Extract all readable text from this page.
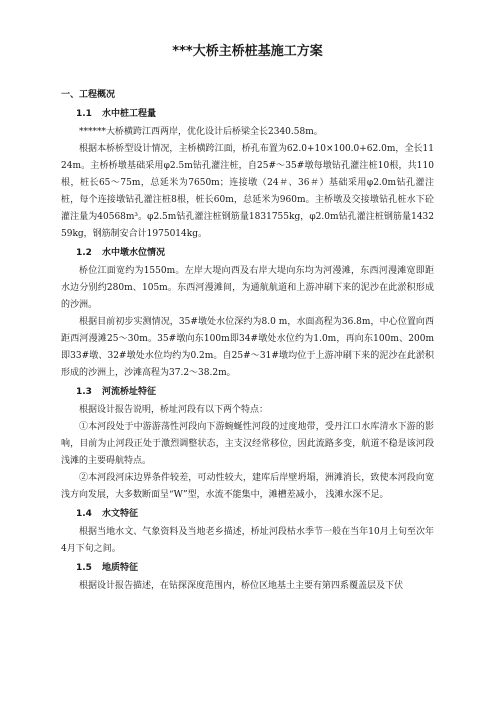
***大桥主桥桩基施工方案
一、工程概况
1.1 水中桩工程量

******大桥横跨江西两岸，优化设计后桥梁全长2340.58m。

根据本桥桥型设计情况，主桥横跨江面，桥孔布置为62.0+10×100.0+62.0m，全长1124m。主桥桥墩基础采用φ2.5m钻孔灌注桩，自25#～35#墩每墩钻孔灌注桩10根，共110根，桩长65～75m，总延米为7650m；连接墩（24＃、36＃）基础采用φ2.0m钻孔灌注桩，每个连接墩钻孔灌注桩8根，桩长60m，总延米为960m。主桥墩及交接墩钻孔桩水下砼灌注量为40568m³。φ2.5m钻孔灌注桩钢筋量1831755kg，φ2.0m钻孔灌注桩钢筋量143259kg，钢筋制安合计1975014kg。

1.2 水中墩水位情况

桥位江面宽约为1550m。左岸大堤向西及右岸大堤向东均为河漫滩，东西河漫滩宽即距水边分别约280m、105m。东西河漫滩间，为通航航道和上游冲刷下来的泥沙在此淤积形成的沙洲。

根据目前初步实测情况，35#墩处水位深约为8.0 m，水面高程为36.8m，中心位置向西距西河漫滩25～30m。35#墩向东100m即34#墩处水位约为1.0m，再向东100m、200m即33#墩、32#墩处水位均约为0.2m。自25#～31#墩均位于上游冲刷下来的泥沙在此淤积形成的沙洲上，沙滩高程为37.2～38.2m。

1.3 河流桥址特征

根据设计报告说明，桥址河段有以下两个特点：

①本河段处于中游游荡性河段向下游蜿蜒性河段的过度地带，受丹江口水库清水下游的影响，目前为止河段正处于激烈调整状态，主支汉经常移位，因此流路多变，航道不稳是该河段浅滩的主要碍航特点。

②本河段河床边界条件较差，可动性较大，建库后岸壁坍塌，洲滩消长，致使本河段向宽浅方向发展，大多数断面呈“W”型，水流不能集中，滩槽差减小， 浅滩水深不足。

1.4 水文特征

根据当地水文、气象资料及当地老乡描述，桥址河段枯水季节一般在当年10月上旬至次年4月下旬之间。

1.5 地质特征

根据设计报告描述，在钻探深度范围内，桥位区地基土主要有第四系覆盖层及下伏
